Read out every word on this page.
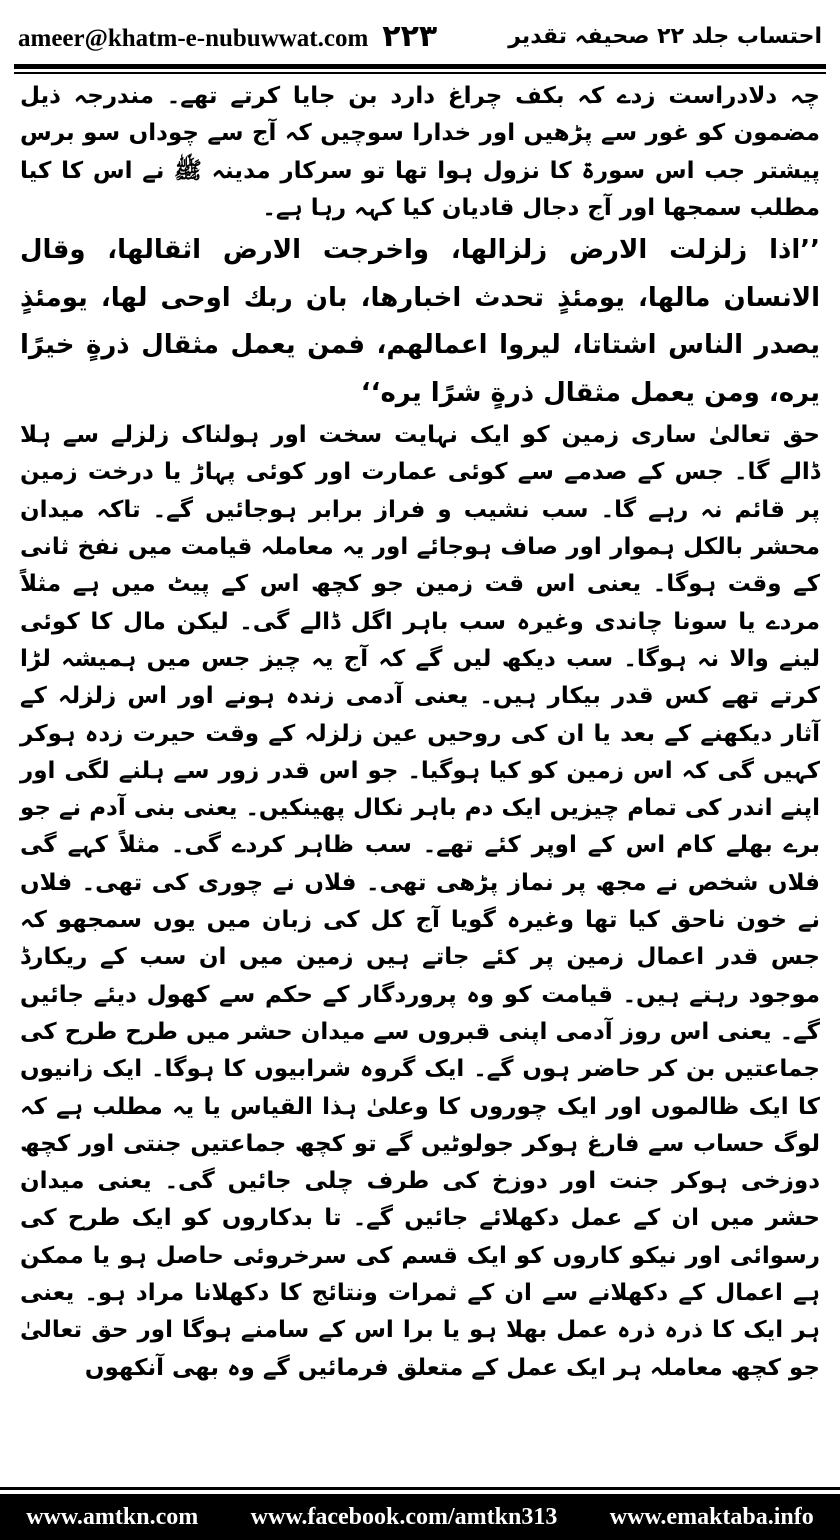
ameer@khatm-e-nubuwwat.com ۲۲۳	احتساب جلد ۲۲ صحیفہ تقدیر

چہ دلادراست زدے کہ بکف چراغ دارد بن جایا کرتے تھے۔ مندرجہ ذیل مضمون کو غور سے پڑھیں اور خدارا سوچیں کہ آج سے چوداں سو برس پیشتر جب اس سورۃ کا نزول ہوا تھا تو سرکار مدینہ ﷺ نے اس کا کیا مطلب سمجھا اور آج دجال قادیان کیا کہہ رہا ہے۔

’’اذا زلزلت الارض زلزالها، واخرجت الارض اثقالها، وقال الانسان مالها، يومئذٍ تحدث اخبارها، بان ربك اوحى لها، يومئذٍ يصدر الناس اشتاتا، ليروا اعمالهم، فمن يعمل مثقال ذرةٍ خيرًا يره، ومن يعمل مثقال ذرةٍ شرًا يره‘‘

حق تعالیٰ ساری زمین کو ایک نہایت سخت اور ہولناک زلزلے سے ہلا ڈالے گا۔ جس کے صدمے سے کوئی عمارت اور کوئی پہاڑ یا درخت زمین پر قائم نہ رہے گا۔ سب نشیب و فراز برابر ہوجائیں گے۔ تاکہ میدان محشر بالکل ہموار اور صاف ہوجائے اور یہ معاملہ قیامت میں نفخ ثانی کے وقت ہوگا۔ یعنی اس قت زمین جو کچھ اس کے پیٹ میں ہے مثلاً مردے یا سونا چاندی وغیرہ سب باہر اگل ڈالے گی۔ لیکن مال کا کوئی لینے والا نہ ہوگا۔ سب دیکھ لیں گے کہ آج یہ چیز جس میں ہمیشہ لڑا کرتے تھے کس قدر بیکار ہیں۔ یعنی آدمی زندہ ہونے اور اس زلزلہ کے آثار دیکھنے کے بعد یا ان کی روحیں عین زلزلہ کے وقت حیرت زدہ ہوکر کہیں گی کہ اس زمین کو کیا ہوگیا۔ جو اس قدر زور سے ہلنے لگی اور اپنے اندر کی تمام چیزیں ایک دم باہر نکال پھینکیں۔ یعنی بنی آدم نے جو برے بھلے کام اس کے اوپر کئے تھے۔ سب ظاہر کردے گی۔ مثلاً کہے گی فلاں شخص نے مجھ پر نماز پڑھی تھی۔ فلاں نے چوری کی تھی۔ فلاں نے خون ناحق کیا تھا وغیرہ گویا آج کل کی زبان میں یوں سمجھو کہ جس قدر اعمال زمین پر کئے جاتے ہیں زمین میں ان سب کے ریکارڈ موجود رہتے ہیں۔ قیامت کو وہ پروردگار کے حکم سے کھول دیئے جائیں گے۔ یعنی اس روز آدمی اپنی قبروں سے میدان حشر میں طرح طرح کی جماعتیں بن کر حاضر ہوں گے۔ ایک گروہ شرابیوں کا ہوگا۔ ایک زانیوں کا ایک ظالموں اور ایک چوروں کا وعلیٰ ہذا القیاس یا یہ مطلب ہے کہ لوگ حساب سے فارغ ہوکر جولوٹیں گے تو کچھ جماعتیں جنتی اور کچھ دوزخی ہوکر جنت اور دوزخ کی طرف چلی جائیں گی۔ یعنی میدان حشر میں ان کے عمل دکھلائے جائیں گے۔ تا بدکاروں کو ایک طرح کی رسوائی اور نیکو کاروں کو ایک قسم کی سرخروئی حاصل ہو یا ممکن ہے اعمال کے دکھلانے سے ان کے ثمرات ونتائج کا دکھلانا مراد ہو۔ یعنی ہر ایک کا ذرہ ذرہ عمل بھلا ہو یا برا اس کے سامنے ہوگا اور حق تعالیٰ جو کچھ معاملہ ہر ایک عمل کے متعلق فرمائیں گے وہ بھی آنکھوں

www.amtkn.com www.facebook.com/amtkn313 www.emaktaba.info
